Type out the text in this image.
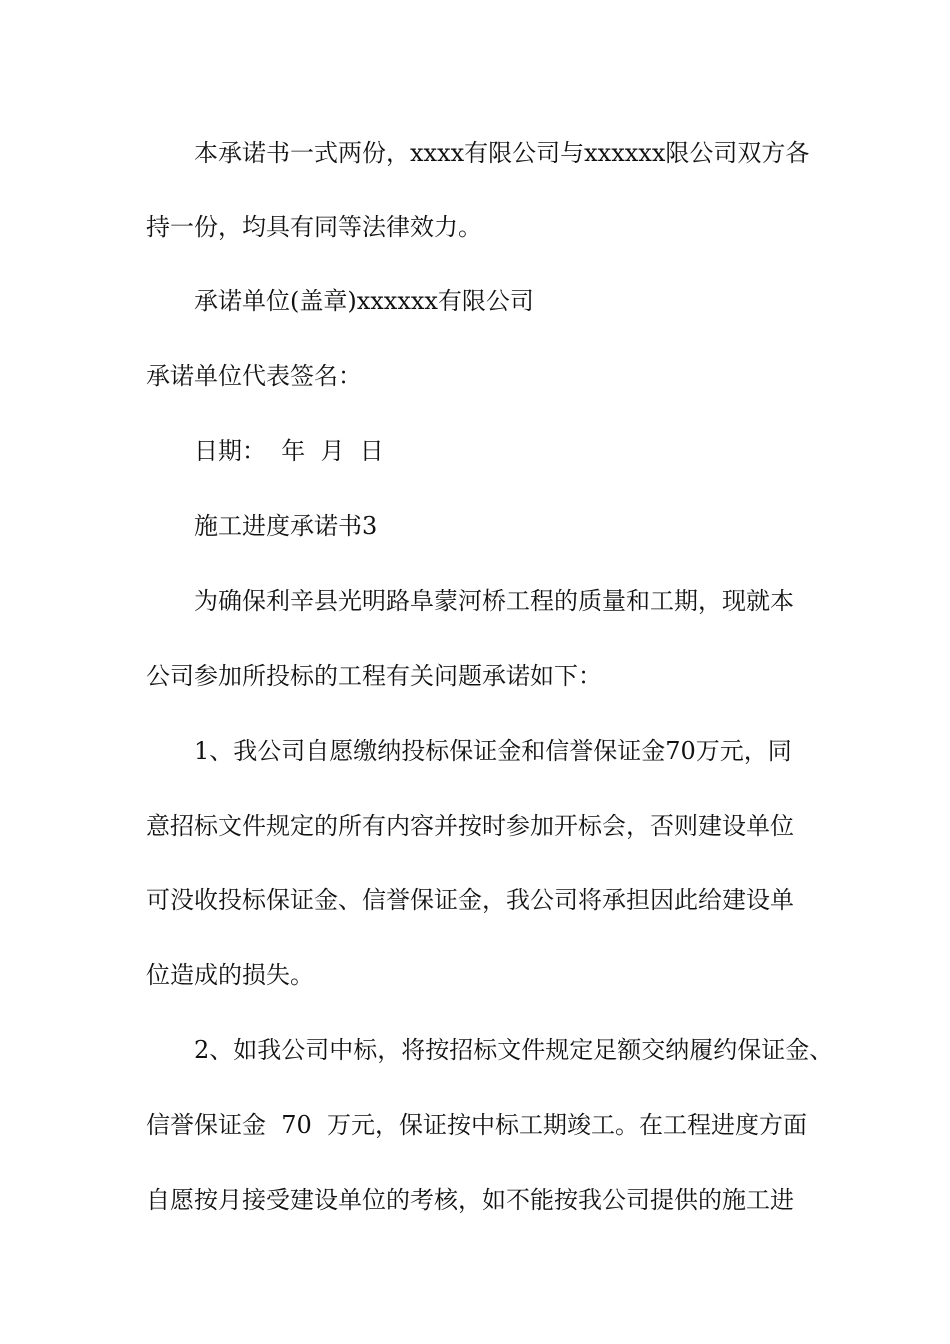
本承诺书一式两份，xxxx有限公司与xxxxxx限公司双方各
持一份，均具有同等法律效力。
承诺单位(盖章)xxxxxx有限公司
承诺单位代表签名：
日期：  年  月  日
施工进度承诺书3
为确保利辛县光明路阜蒙河桥工程的质量和工期，现就本
公司参加所投标的工程有关问题承诺如下：
1、我公司自愿缴纳投标保证金和信誉保证金70万元，同
意招标文件规定的所有内容并按时参加开标会，否则建设单位
可没收投标保证金、信誉保证金，我公司将承担因此给建设单
位造成的损失。
2、如我公司中标，将按招标文件规定足额交纳履约保证金、
信誉保证金  70  万元，保证按中标工期竣工。在工程进度方面
自愿按月接受建设单位的考核，如不能按我公司提供的施工进
